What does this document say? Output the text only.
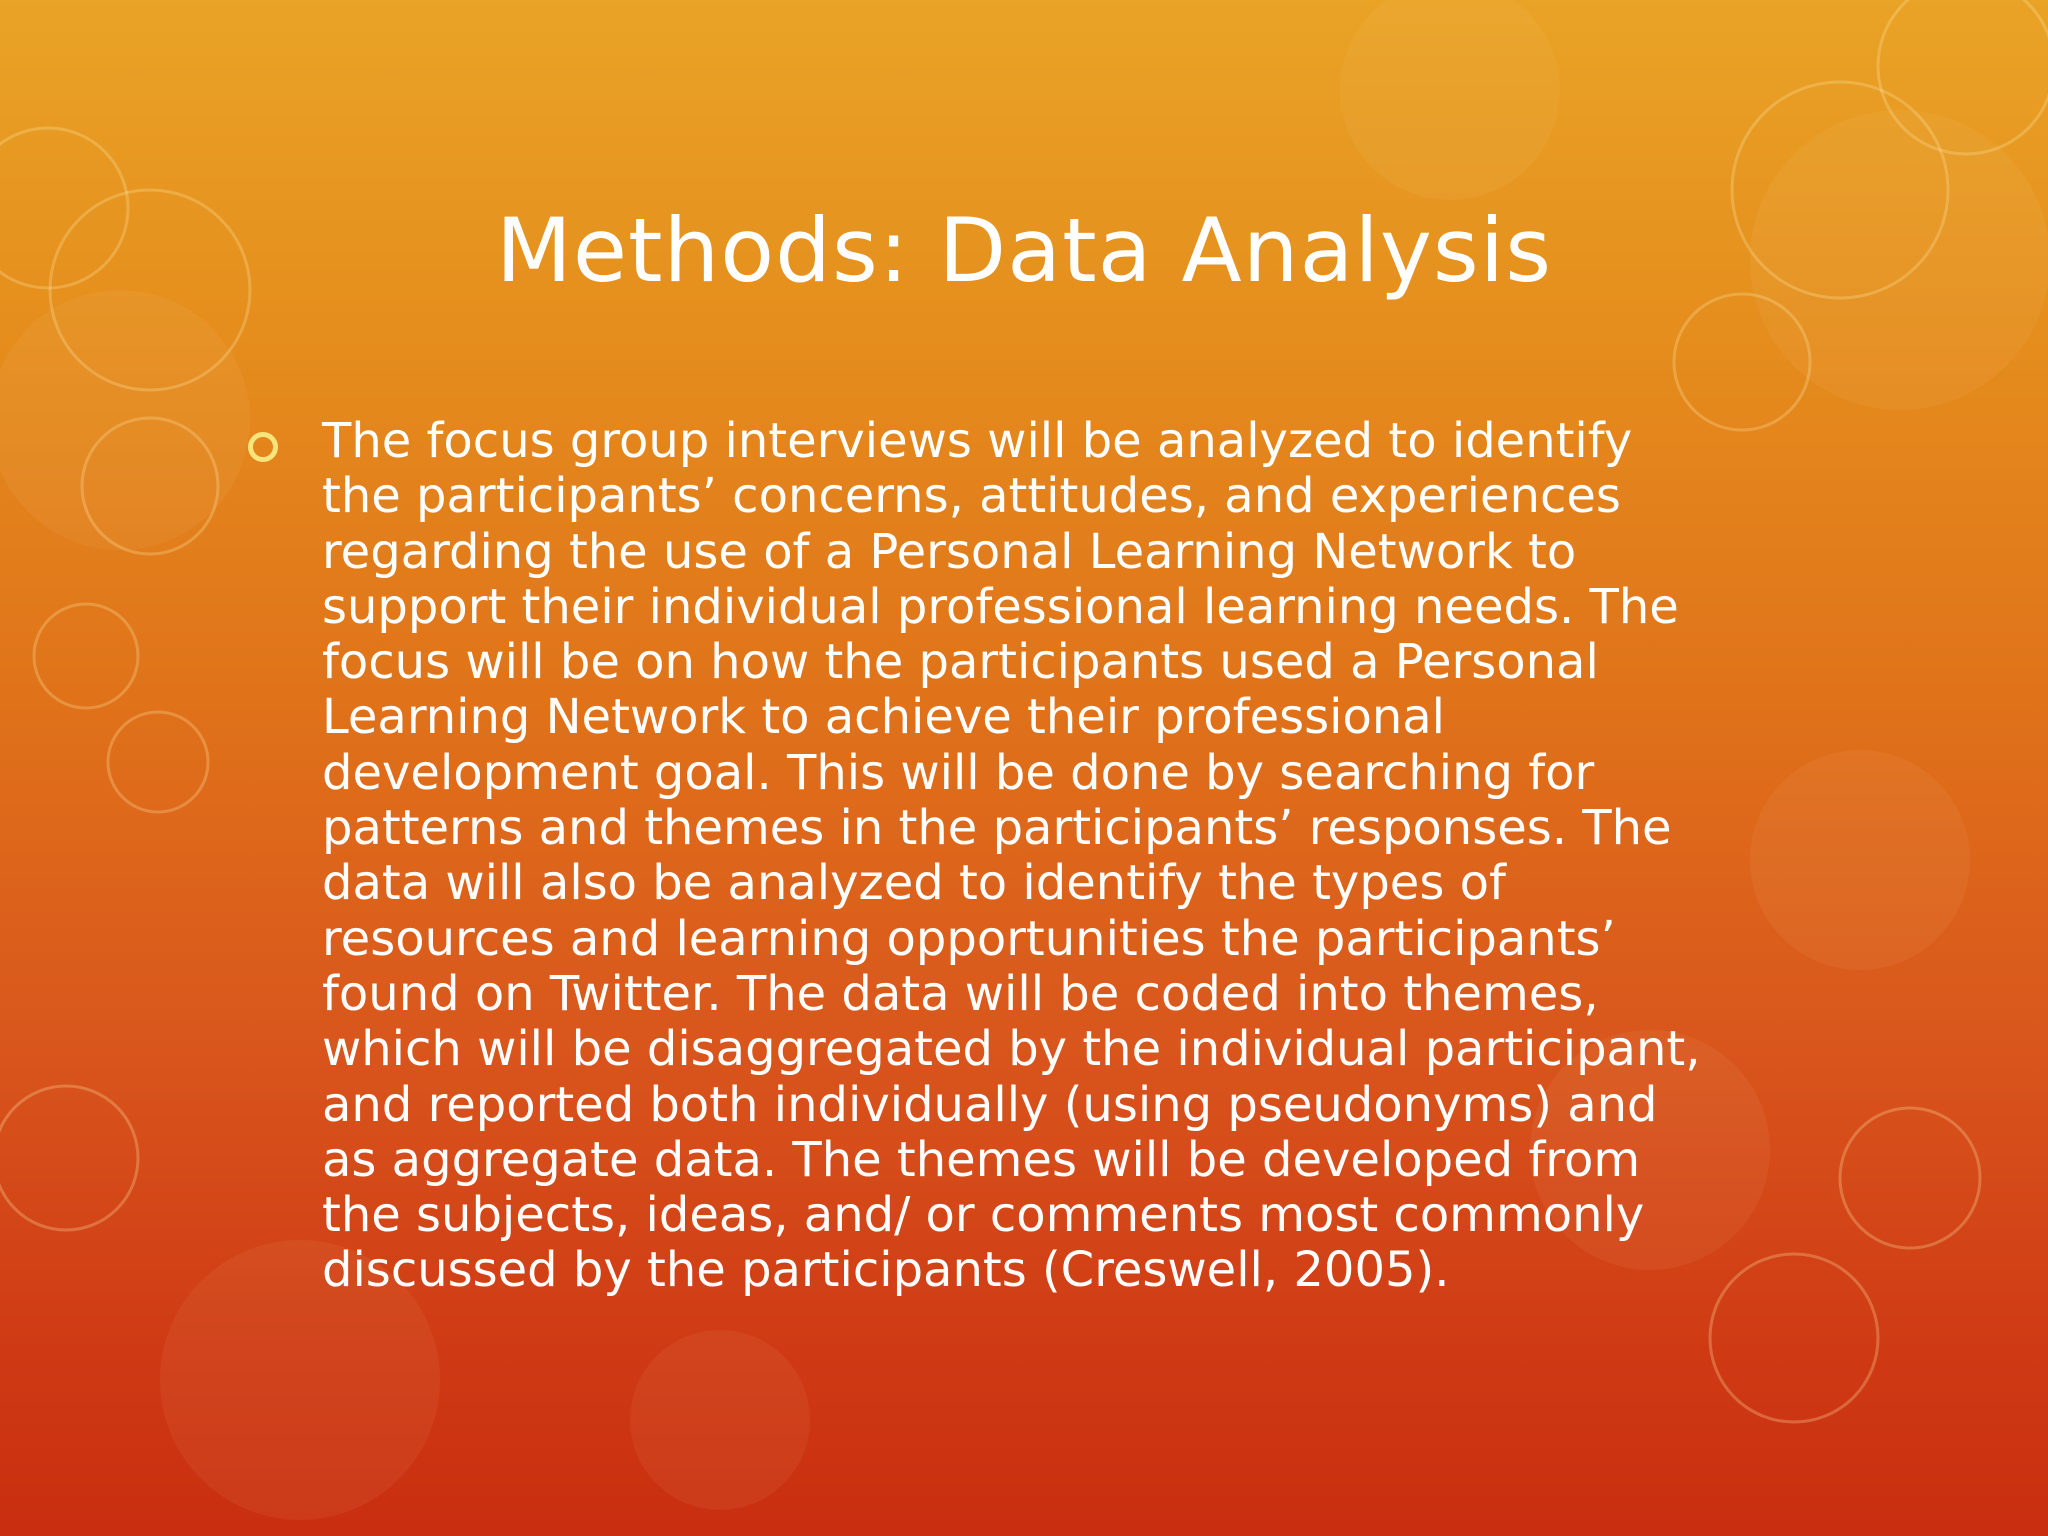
Methods: Data Analysis
The focus group interviews will be analyzed to identify
the participants’ concerns, attitudes, and experiences
regarding the use of a Personal Learning Network to
support their individual professional learning needs. The
focus will be on how the participants used a Personal
Learning Network to achieve their professional
development goal. This will be done by searching for
patterns and themes in the participants’ responses. The
data will also be analyzed to identify the types of
resources and learning opportunities the participants’
found on Twitter. The data will be coded into themes,
which will be disaggregated by the individual participant,
and reported both individually (using pseudonyms) and
as aggregate data. The themes will be developed from
the subjects, ideas, and/ or comments most commonly
discussed by the participants (Creswell, 2005).
